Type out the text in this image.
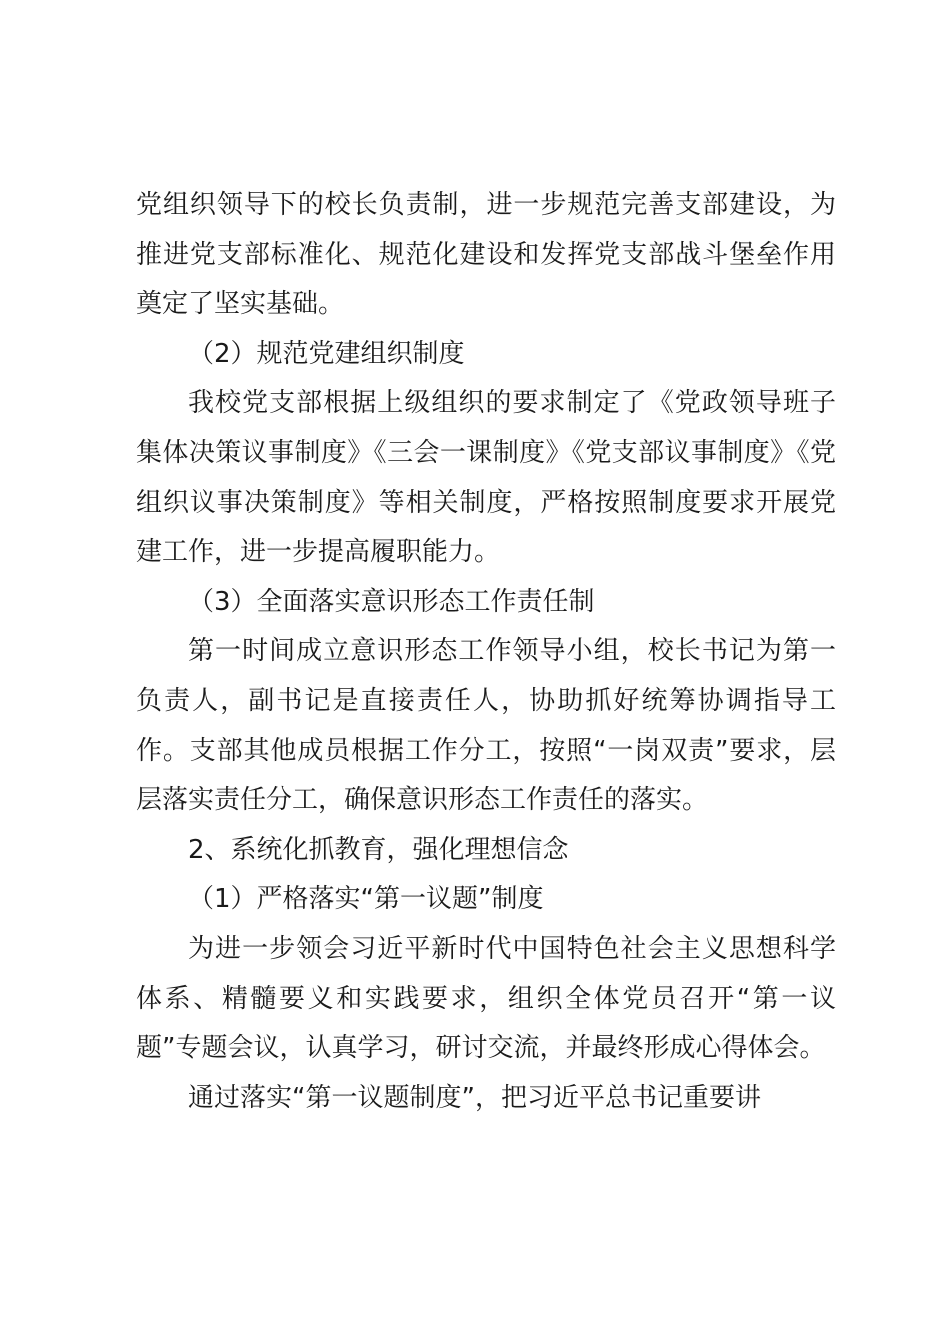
党组织领导下的校长负责制，进一步规范完善支部建设，为推进党支部标准化、规范化建设和发挥党支部战斗堡垒作用奠定了坚实基础。

（2）规范党建组织制度

我校党支部根据上级组织的要求制定了《党政领导班子集体决策议事制度》《三会一课制度》《党支部议事制度》《党组织议事决策制度》等相关制度，严格按照制度要求开展党建工作，进一步提高履职能力。

（3）全面落实意识形态工作责任制

第一时间成立意识形态工作领导小组，校长书记为第一负责人，副书记是直接责任人，协助抓好统筹协调指导工作。支部其他成员根据工作分工，按照“一岗双责”要求，层层落实责任分工，确保意识形态工作责任的落实。

2、系统化抓教育，强化理想信念

（1）严格落实“第一议题”制度

为进一步领会习近平新时代中国特色社会主义思想科学体系、精髓要义和实践要求，组织全体党员召开“第一议题”专题会议，认真学习，研讨交流，并最终形成心得体会。

通过落实“第一议题制度”，把习近平总书记重要讲
